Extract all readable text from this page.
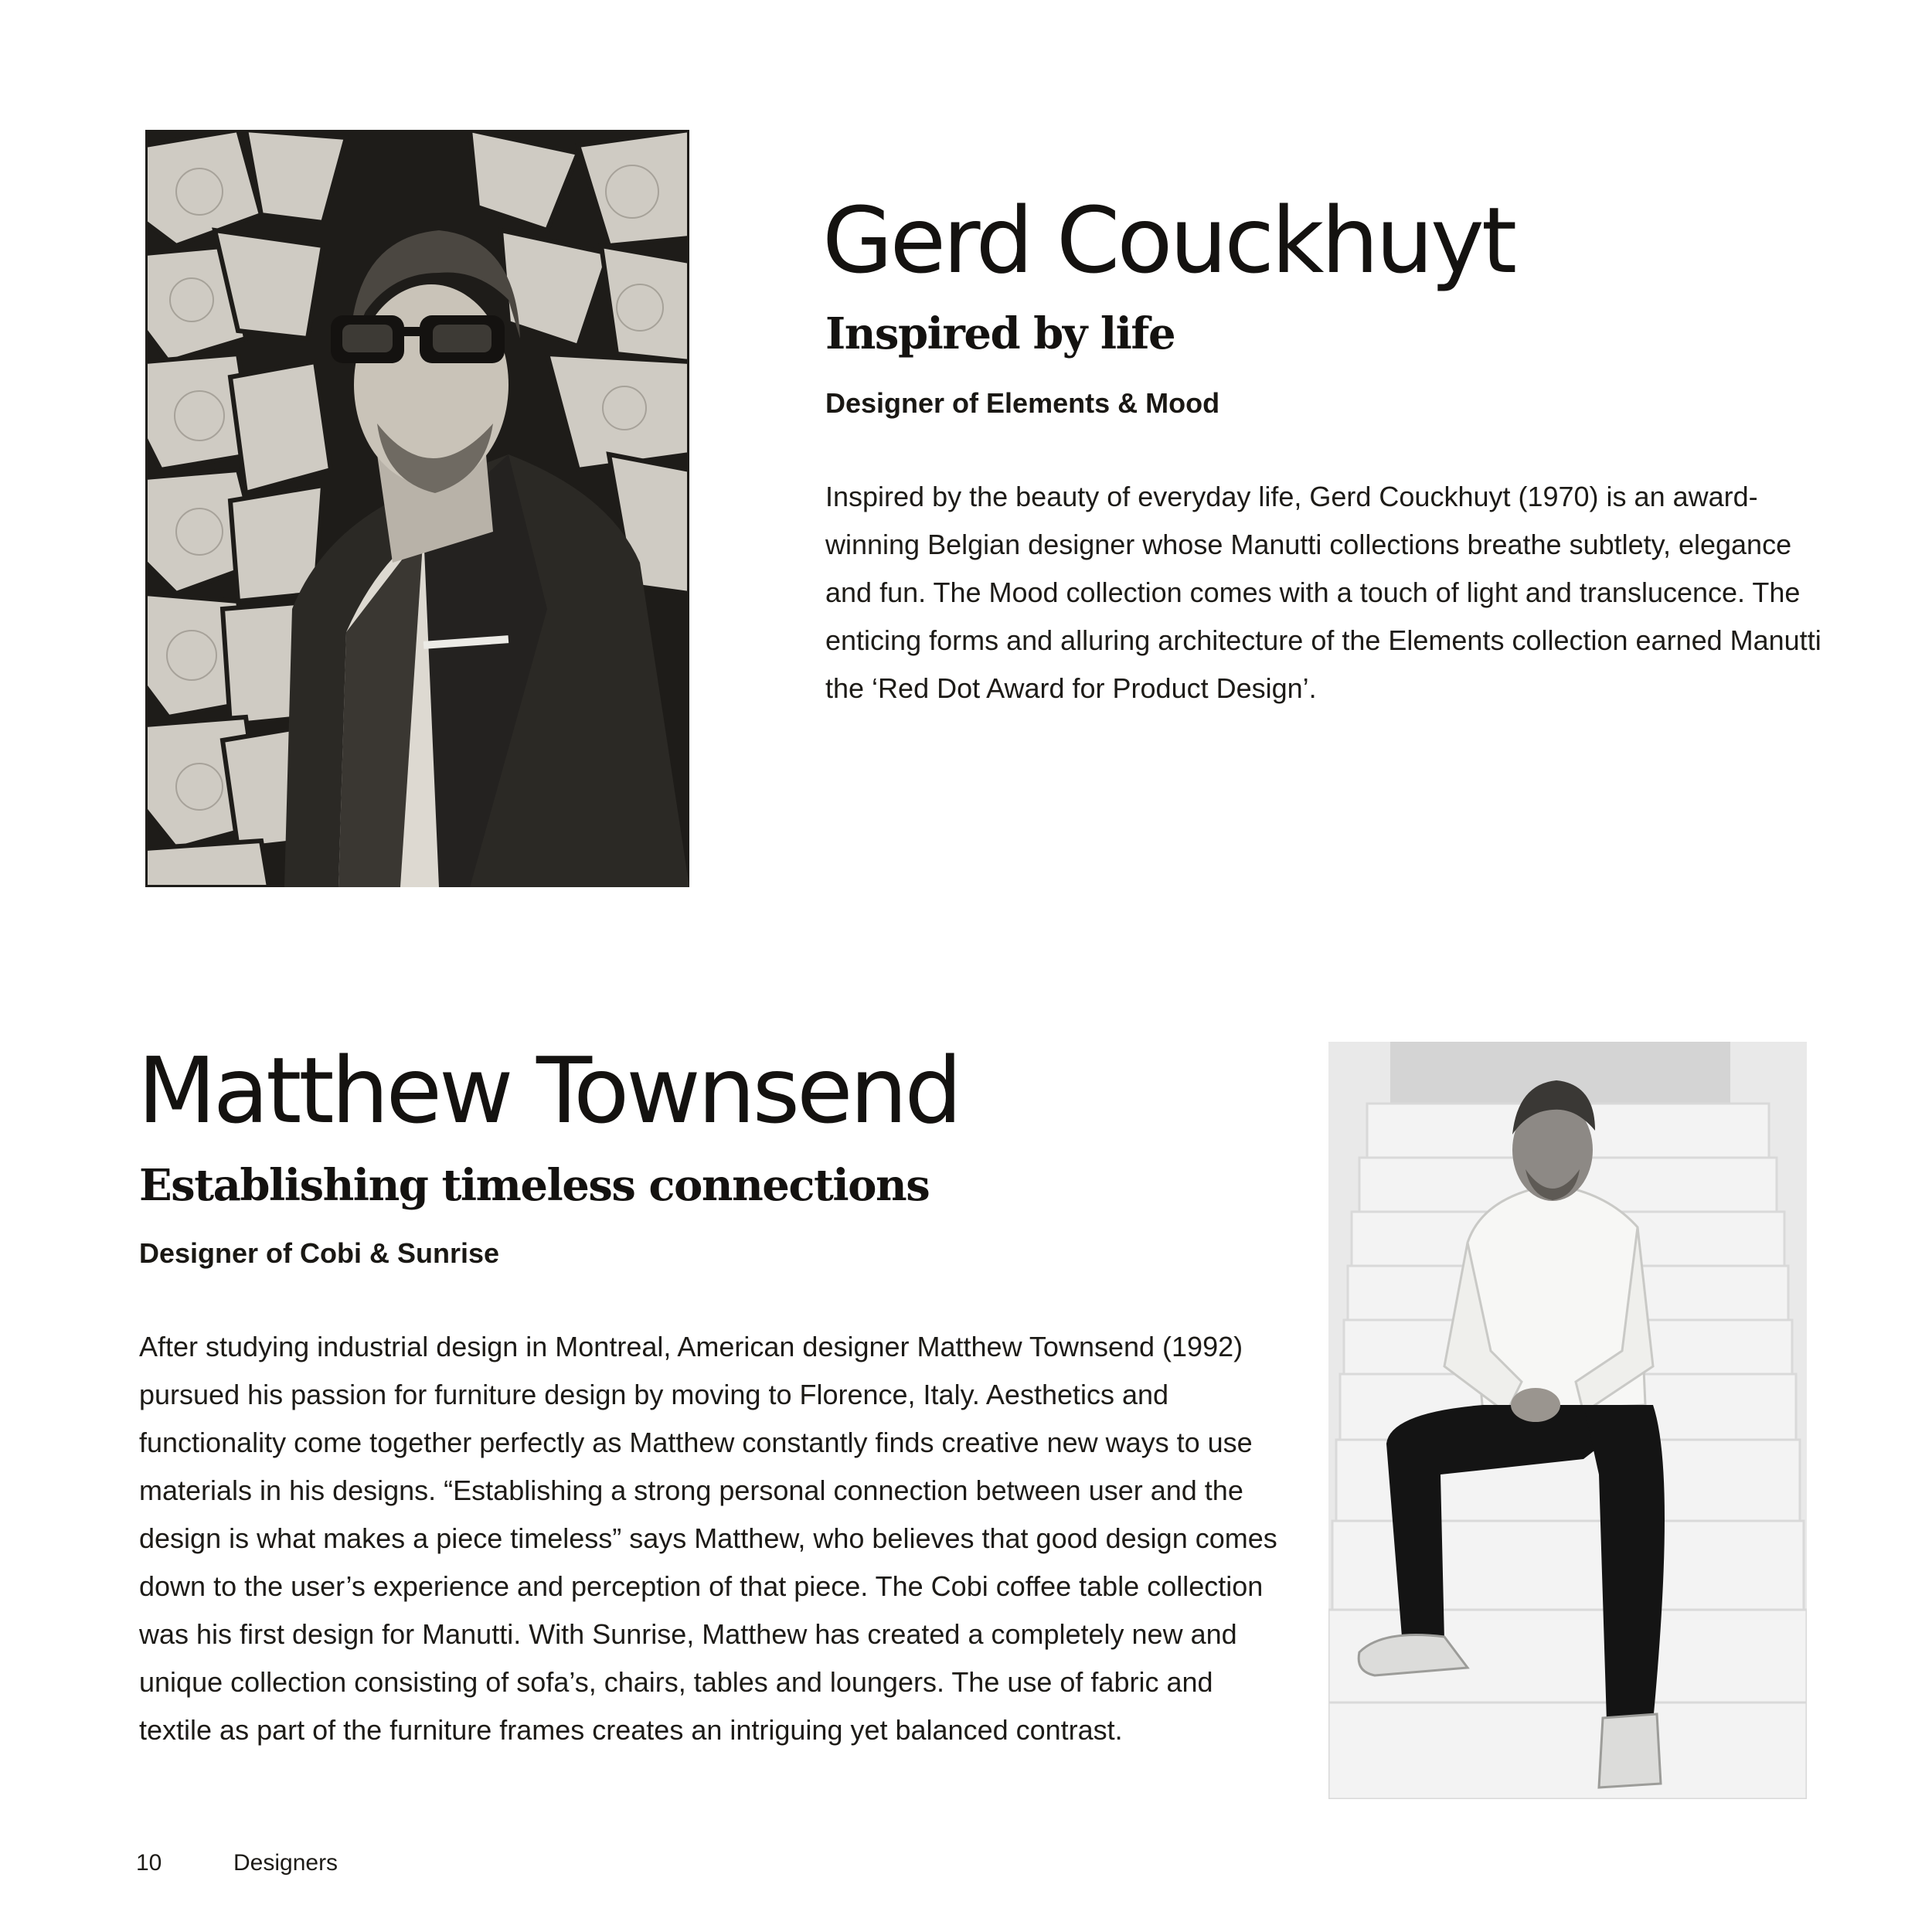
Gerd Couckhuyt
Inspired by life
Designer of Elements & Mood

Inspired by the beauty of everyday life, Gerd Couckhuyt (1970) is an award-winning Belgian designer whose Manutti collections breathe subtlety, elegance and fun. The Mood collection comes with a touch of light and translucence. The enticing forms and alluring architecture of the Elements collection earned Manutti the ‘Red Dot Award for Product Design’.

Matthew Townsend
Establishing timeless connections
Designer of Cobi & Sunrise

After studying industrial design in Montreal, American designer Matthew Townsend (1992) pursued his passion for furniture design by moving to Florence, Italy. Aesthetics and functionality come together perfectly as Matthew constantly finds creative new ways to use materials in his designs. “Establishing a strong personal connection between user and the design is what makes a piece timeless” says Matthew, who believes that good design comes down to the user’s experience and perception of that piece. The Cobi coffee table collection was his first design for Manutti. With Sunrise, Matthew has created a completely new and unique collection consisting of sofa’s, chairs, tables and loungers. The use of fabric and textile as part of the furniture frames creates an intriguing yet balanced contrast.

10	Designers
